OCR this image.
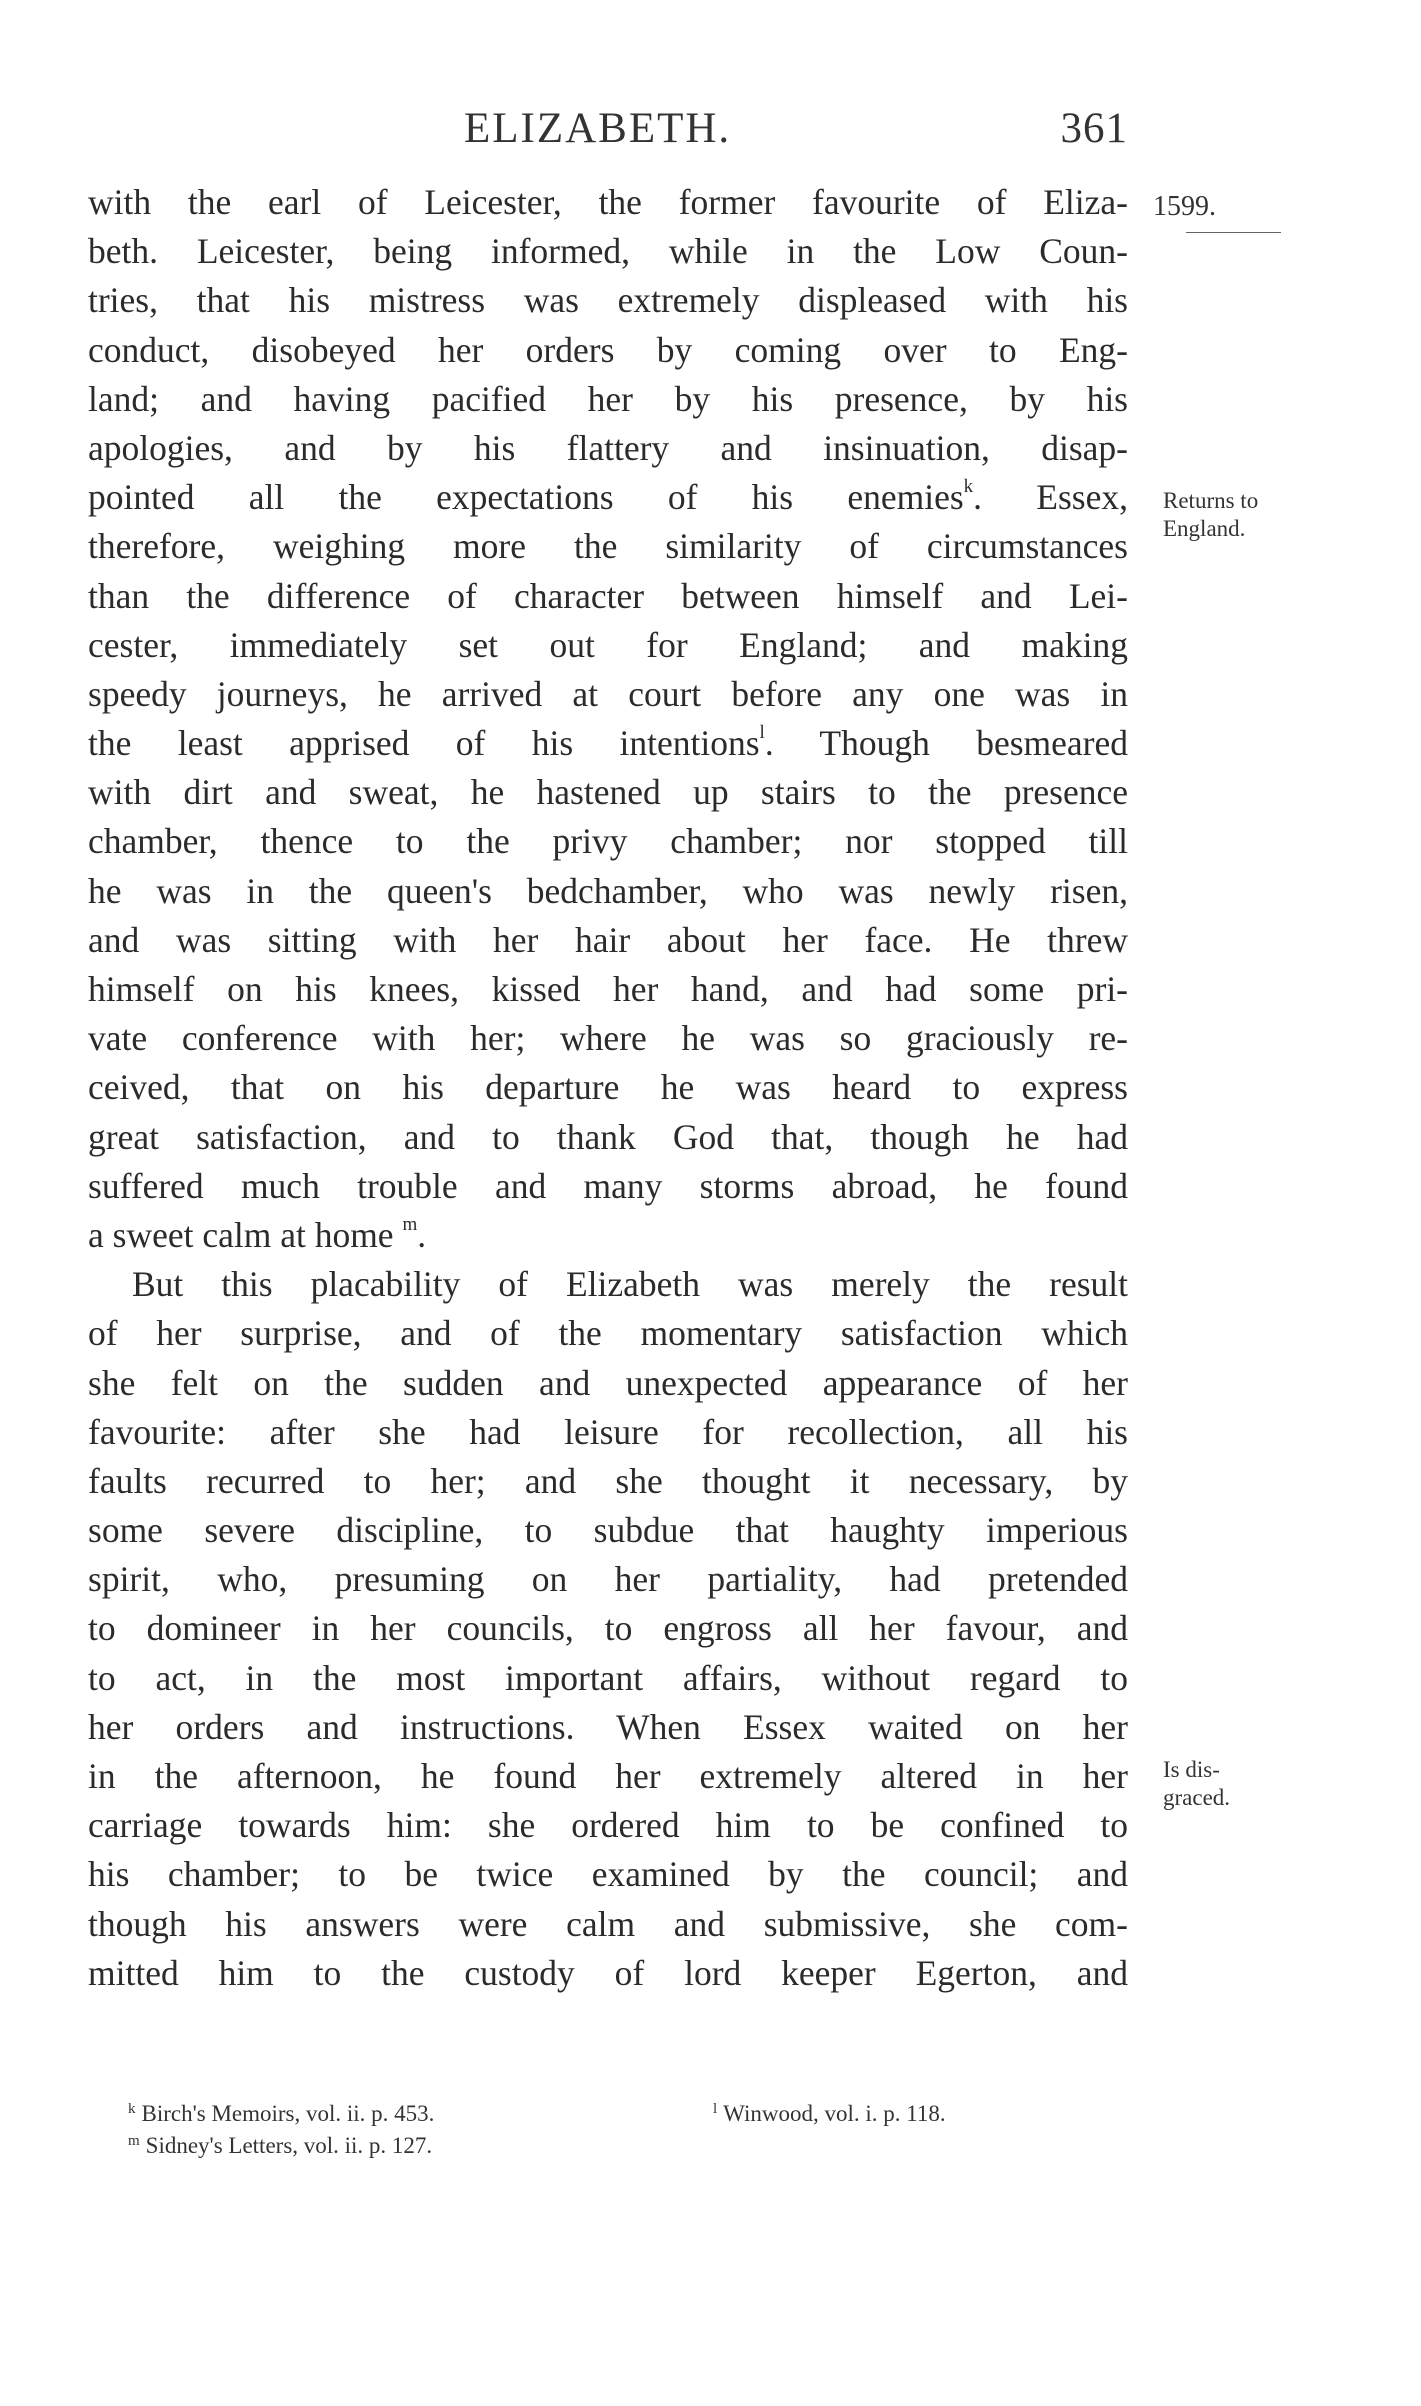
ELIZABETH.	361
1599.
Returns to
England.
Is dis-
graced.
with the earl of Leicester, the former favourite of Eliza-
beth. Leicester, being informed, while in the Low Coun-
tries, that his mistress was extremely displeased with his
conduct, disobeyed her orders by coming over to Eng-
land; and having pacified her by his presence, by his
apologies, and by his flattery and insinuation, disap-
pointed all the expectations of his enemies$^k$. Essex,
therefore, weighing more the similarity of circumstances
than the difference of character between himself and Lei-
cester, immediately set out for England; and making
speedy journeys, he arrived at court before any one was in
the least apprised of his intentions$^l$. Though besmeared
with dirt and sweat, he hastened up stairs to the presence
chamber, thence to the privy chamber; nor stopped till
he was in the queen's bedchamber, who was newly risen,
and was sitting with her hair about her face. He threw
himself on his knees, kissed her hand, and had some pri-
vate conference with her; where he was so graciously re-
ceived, that on his departure he was heard to express
great satisfaction, and to thank God that, though he had
suffered much trouble and many storms abroad, he found
a sweet calm at home $^m$.
But this placability of Elizabeth was merely the result
of her surprise, and of the momentary satisfaction which
she felt on the sudden and unexpected appearance of her
favourite: after she had leisure for recollection, all his
faults recurred to her; and she thought it necessary, by
some severe discipline, to subdue that haughty imperious
spirit, who, presuming on her partiality, had pretended
to domineer in her councils, to engross all her favour, and
to act, in the most important affairs, without regard to
her orders and instructions. When Essex waited on her
in the afternoon, he found her extremely altered in her
carriage towards him: she ordered him to be confined to
his chamber; to be twice examined by the council; and
though his answers were calm and submissive, she com-
mitted him to the custody of lord keeper Egerton, and
$^k$ Birch's Memoirs, vol. ii. p. 453.	$^l$ Winwood, vol. i. p. 118.
$^m$ Sidney's Letters, vol. ii. p. 127.
